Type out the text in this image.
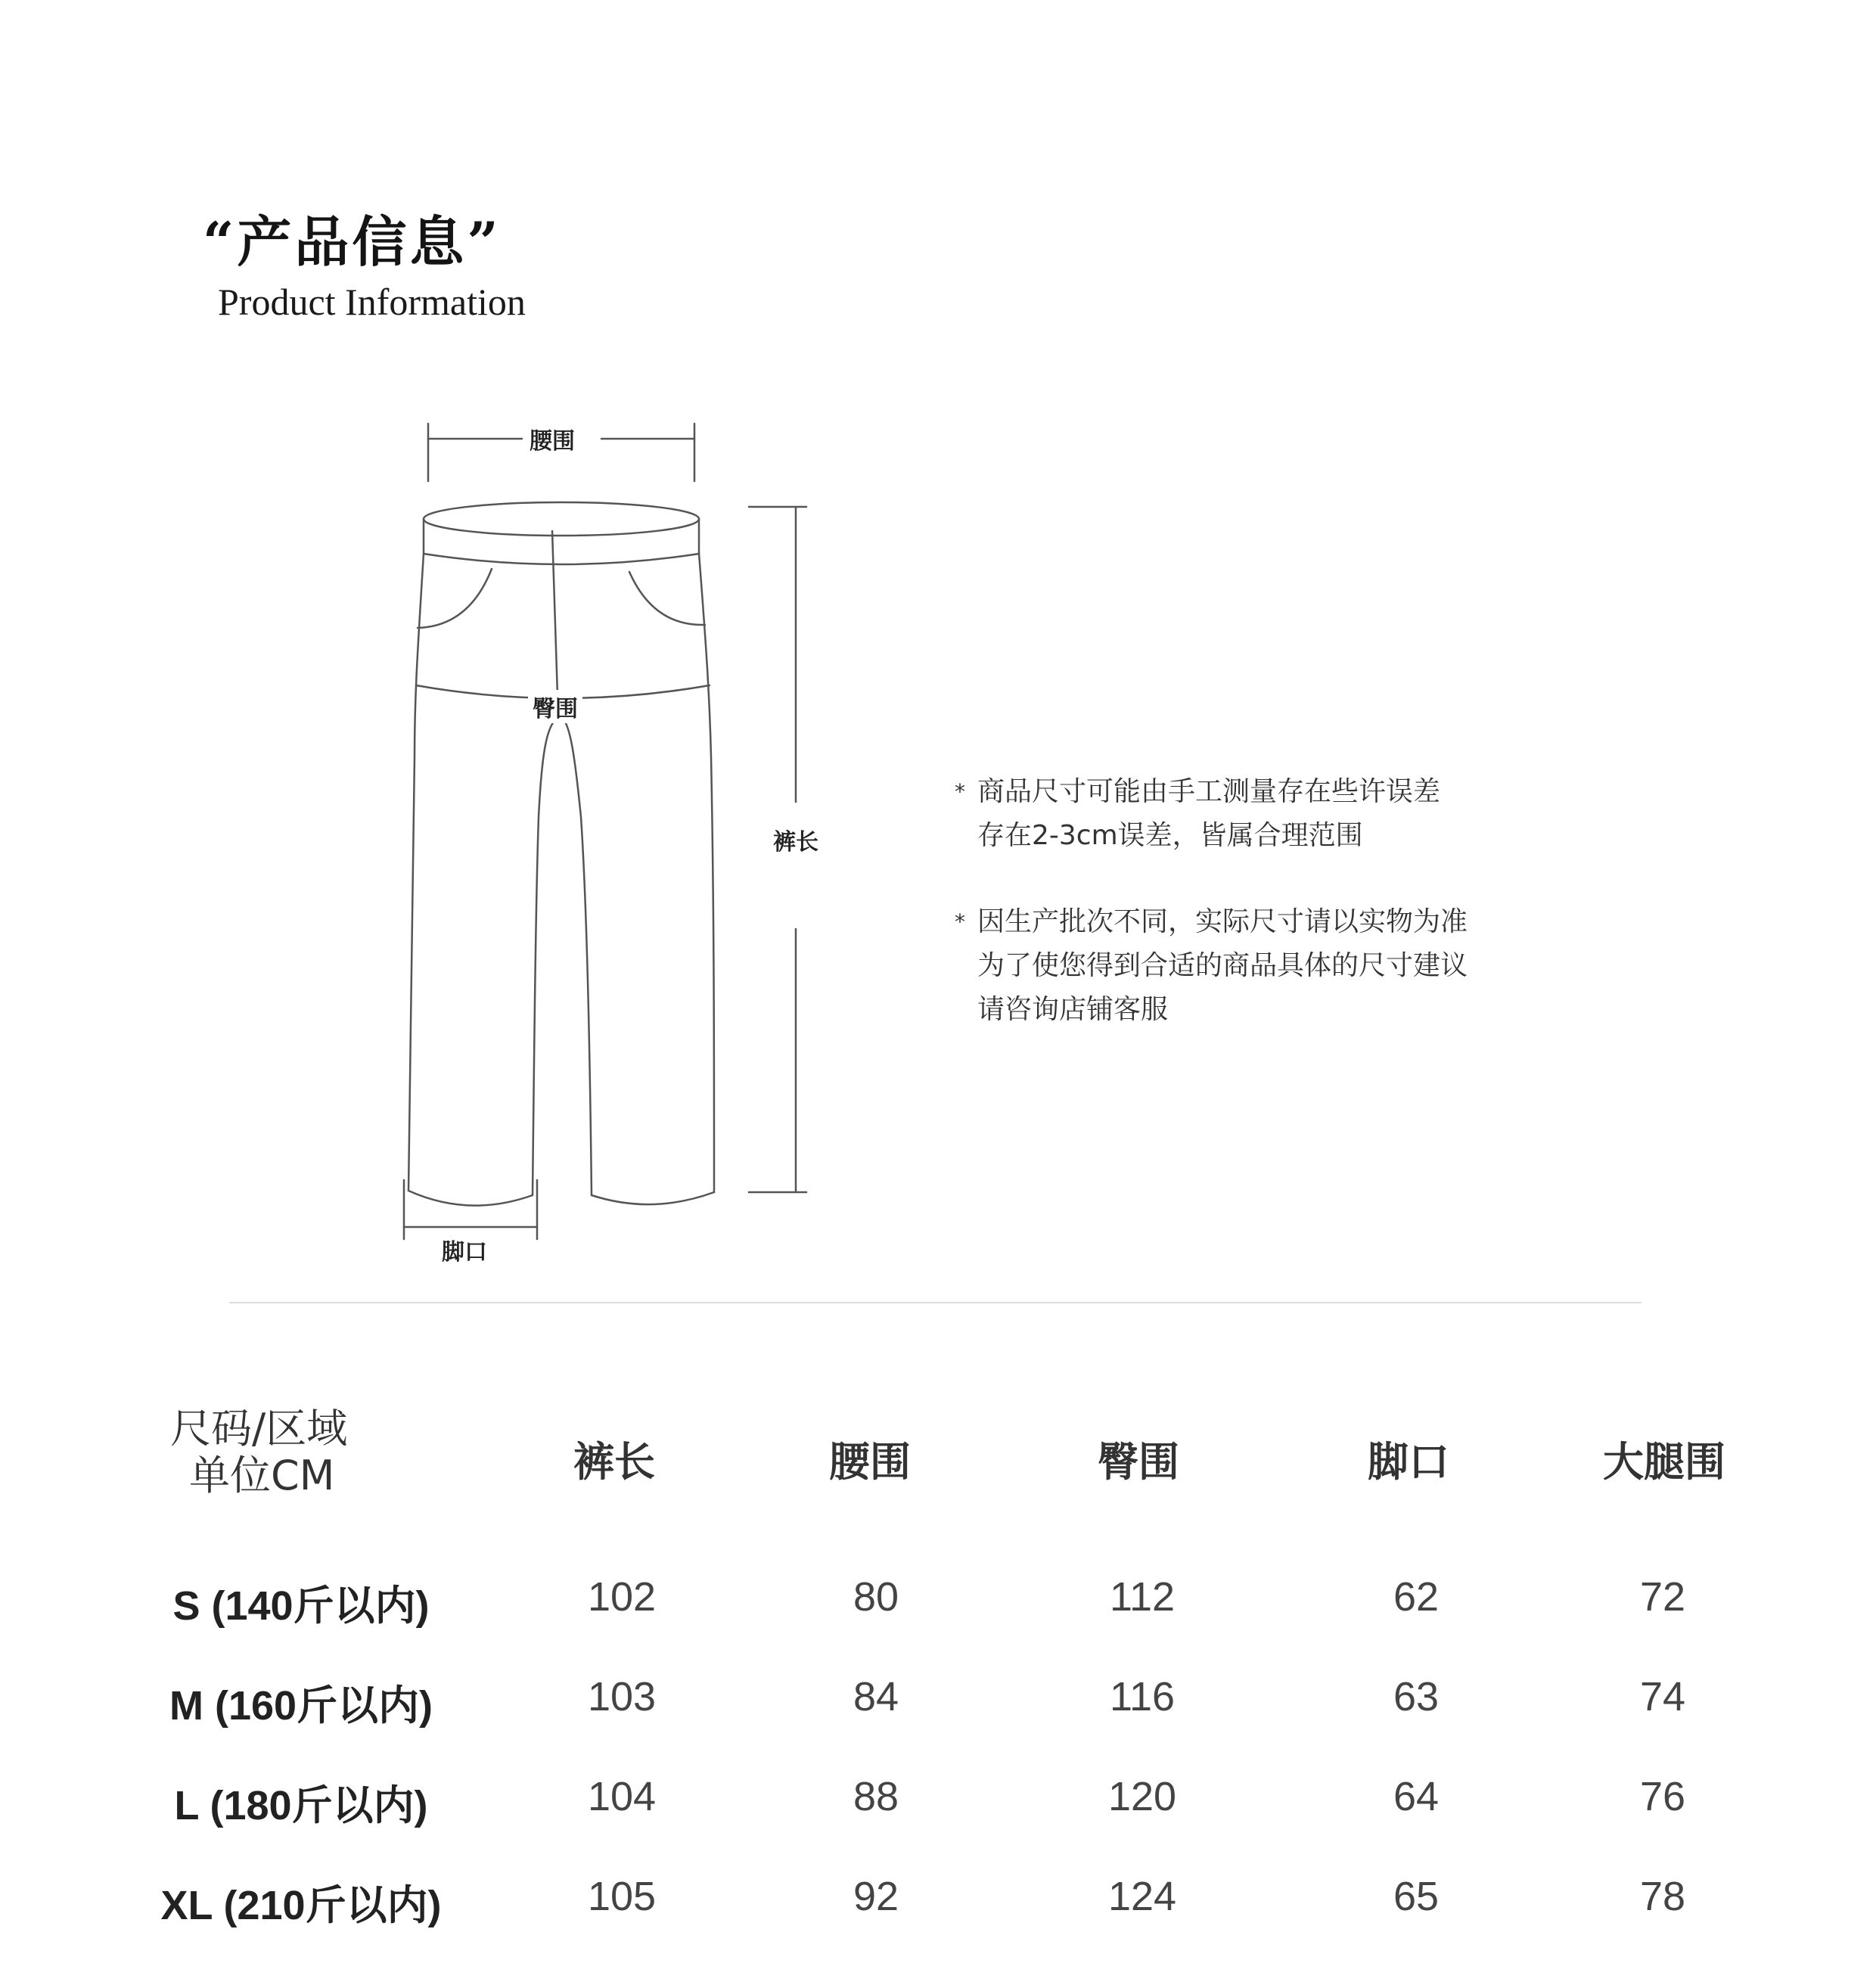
“产品信息”
Product Information
腰围
臀围
裤长
脚口
* 商品尺寸可能由手工测量存在些许误差
存在2-3cm误差，皆属合理范围
* 因生产批次不同，实际尺寸请以实物为准
为了使您得到合适的商品具体的尺寸建议
请咨询店铺客服
尺码/区域
单位CM	裤长	腰围	臀围	脚口	大腿围
S (140斤以内)	102	80	112	62	72
M (160斤以内)	103	84	116	63	74
L (180斤以内)	104	88	120	64	76
XL (210斤以内)	105	92	124	65	78
